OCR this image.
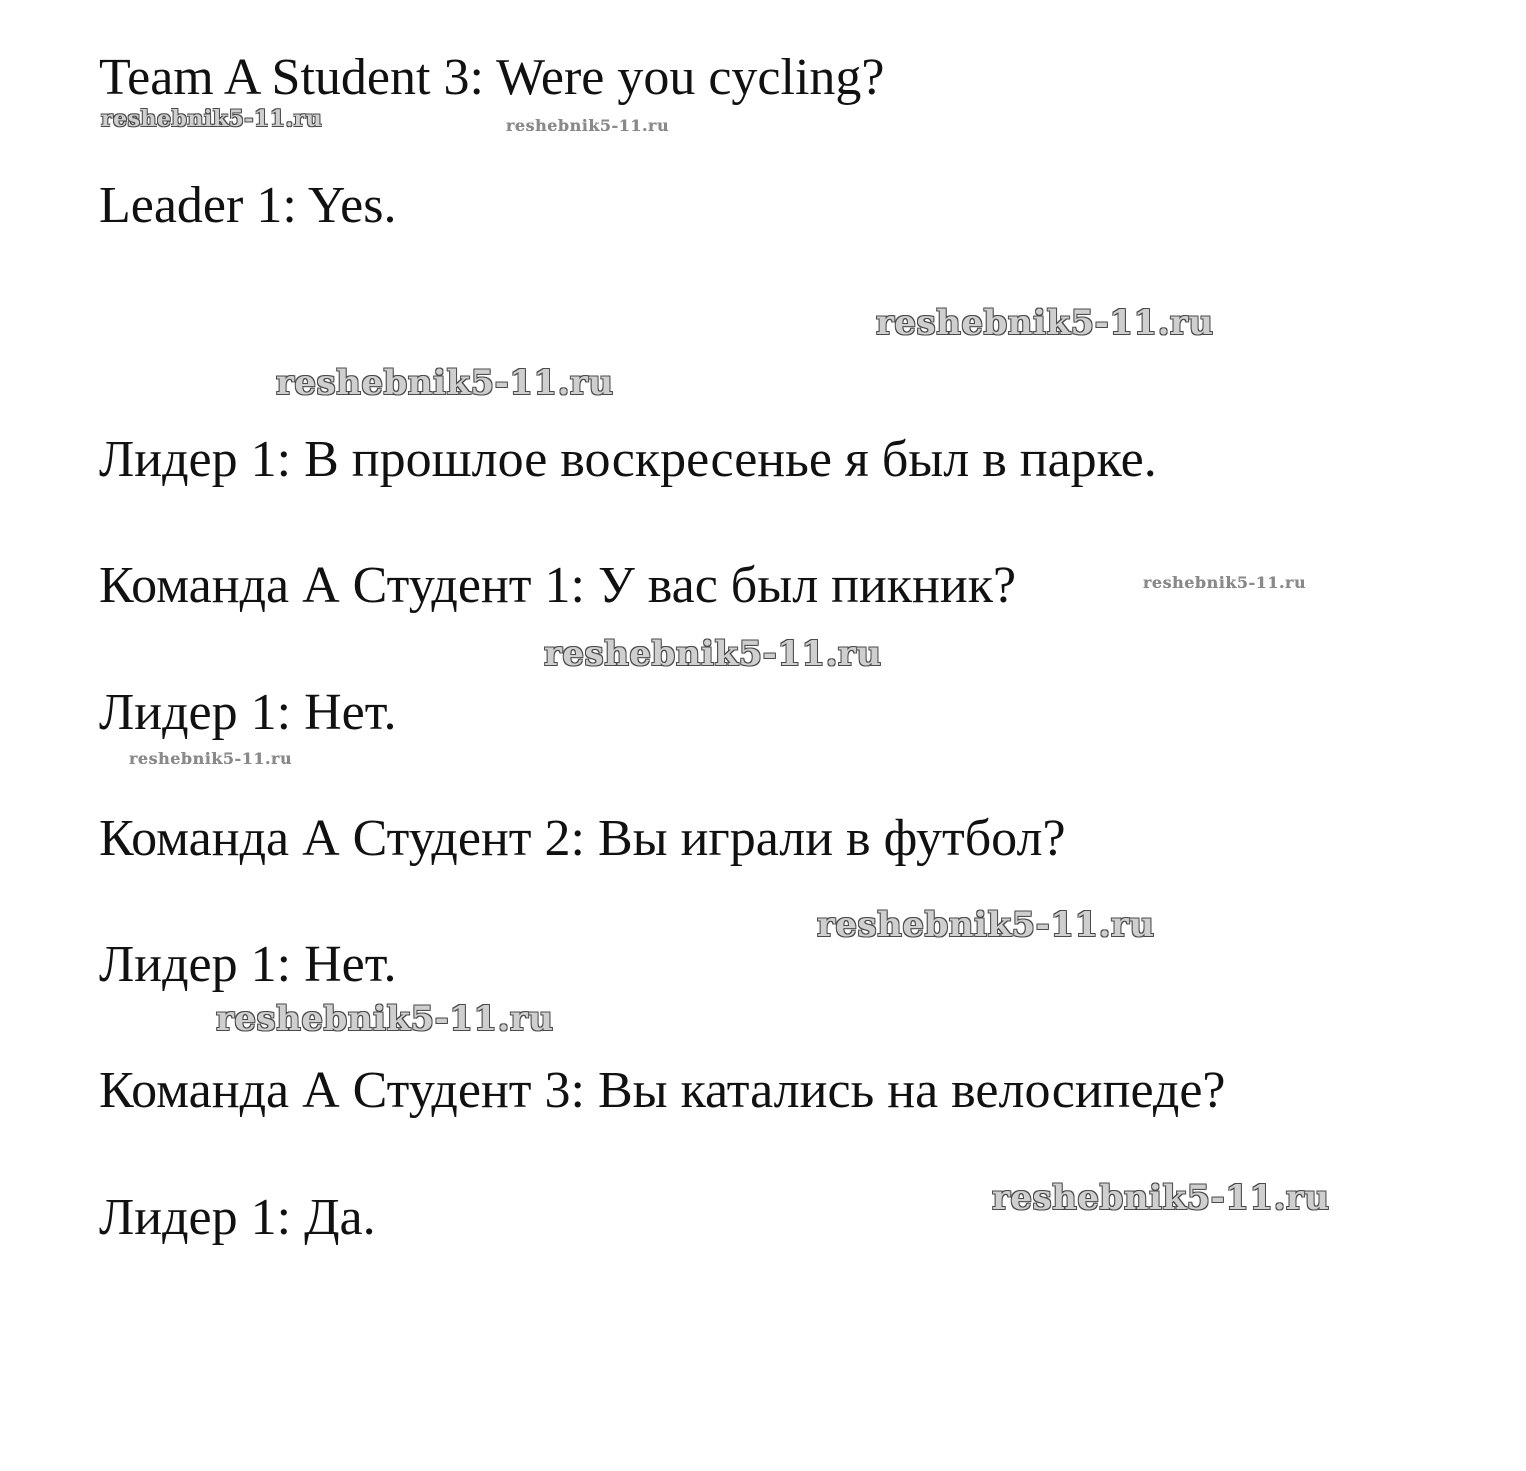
Team A Student 3: Were you cycling?

Leader 1: Yes.

Лидер 1: В прошлое воскресенье я был в парке.

Команда А Студент 1: У вас был пикник?

Лидер 1: Нет.

Команда А Студент 2: Вы играли в футбол?

Лидер 1: Нет.

Команда А Студент 3: Вы катались на велосипеде?

Лидер 1: Да.

reshebnik5-11.ru	reshebnik5-11.ru
reshebnik5-11.ru
reshebnik5-11.ru
reshebnik5-11.ru
reshebnik5-11.ru
reshebnik5-11.ru
reshebnik5-11.ru
reshebnik5-11.ru
reshebnik5-11.ru
